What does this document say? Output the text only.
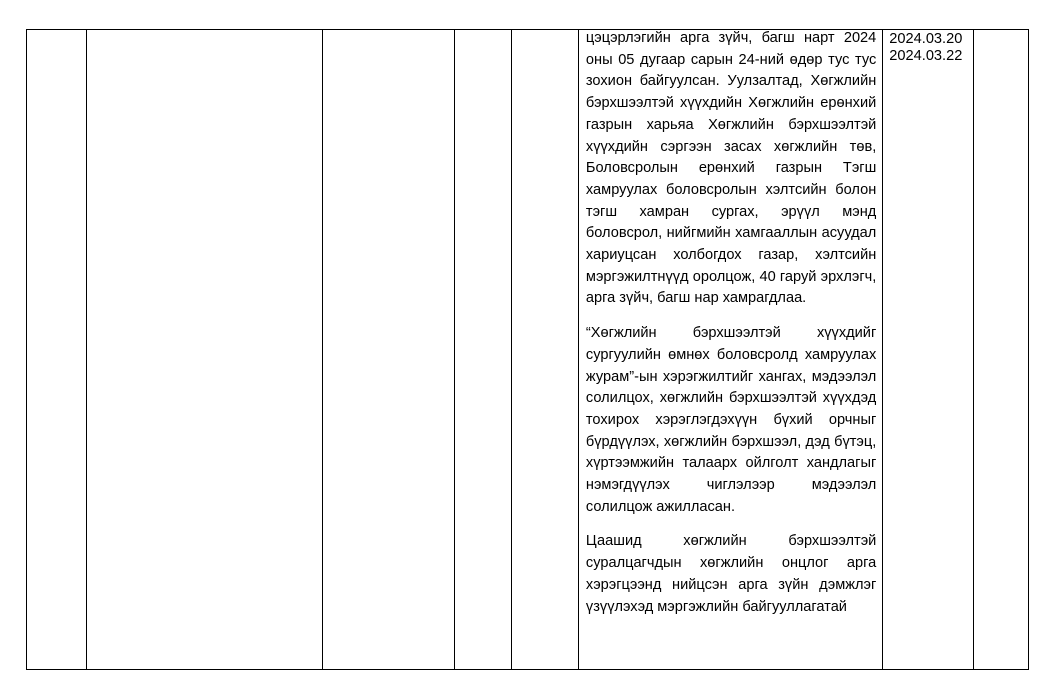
цэцэрлэгийн арга зүйч, багш нарт 2024 оны 05 дугаар сарын 24-ний өдөр тус тус зохион байгуулсан. Уулзалтад, Хөгжлийн бэрхшээлтэй хүүхдийн Хөгжлийн ерөнхий газрын харьяа Хөгжлийн бэрхшээлтэй хүүхдийн сэргээн засах хөгжлийн төв, Боловсролын ерөнхий газрын Тэгш хамруулах боловсролын хэлтсийн болон тэгш хамран сургах, эрүүл мэнд боловсрол, нийгмийн хамгааллын асуудал хариуцсан холбогдох газар, хэлтсийн мэргэжилтнүүд оролцож, 40 гаруй эрхлэгч, арга зүйч, багш нар хамрагдлаа.

“Хөгжлийн бэрхшээлтэй хүүхдийг сургуулийн өмнөх боловсролд хамруулах журам”-ын хэрэгжилтийг хангах, мэдээлэл солилцох, хөгжлийн бэрхшээлтэй хүүхдэд тохирох хэрэглэгдэхүүн бүхий орчныг бүрдүүлэх, хөгжлийн бэрхшээл, дэд бүтэц, хүртээмжийн талаарх ойлголт хандлагыг нэмэгдүүлэх чиглэлээр мэдээлэл солилцож ажилласан.

Цаашид хөгжлийн бэрхшээлтэй суралцагчдын хөгжлийн онцлог арга хэрэгцээнд нийцсэн арга зүйн дэмжлэг үзүүлэхэд мэргэжлийн байгууллагатай

2024.03.20
2024.03.22
